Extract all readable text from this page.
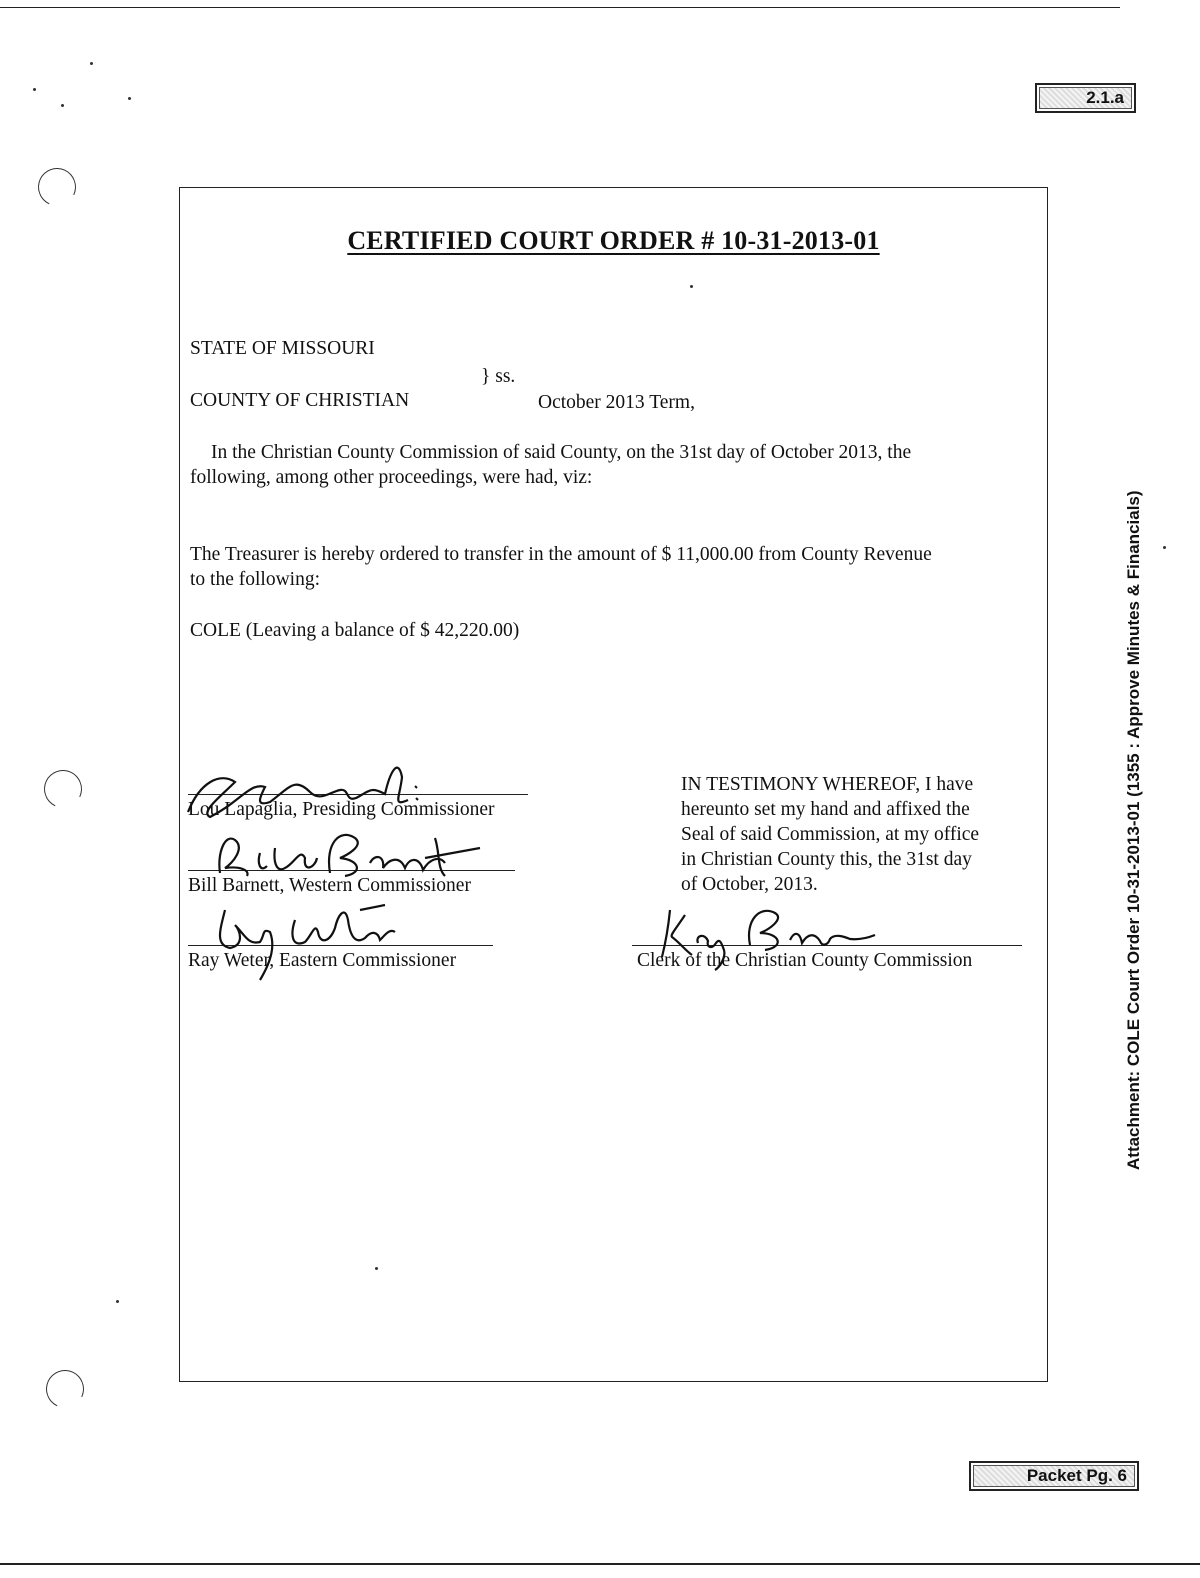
2.1.a
Packet Pg. 6
Attachment: COLE Court Order 10-31-2013-01 (1355 : Approve Minutes & Financials)
CERTIFIED COURT ORDER # 10-31-2013-01
STATE OF MISSOURI
} ss.
COUNTY OF CHRISTIAN	October 2013 Term,
In the Christian County Commission of said County, on the 31st day of October 2013, the
following, among other proceedings, were had, viz:
The Treasurer is hereby ordered to transfer in the amount of $ 11,000.00 from County Revenue
to the following:
COLE (Leaving a balance of $ 42,220.00)
Lou Lapaglia, Presiding Commissioner
Bill Barnett, Western Commissioner
Ray Weter, Eastern Commissioner	Clerk of the Christian County Commission
IN TESTIMONY WHEREOF, I have
hereunto set my hand and affixed the
Seal of said Commission, at my office
in Christian County this, the 31st day
of October, 2013.
